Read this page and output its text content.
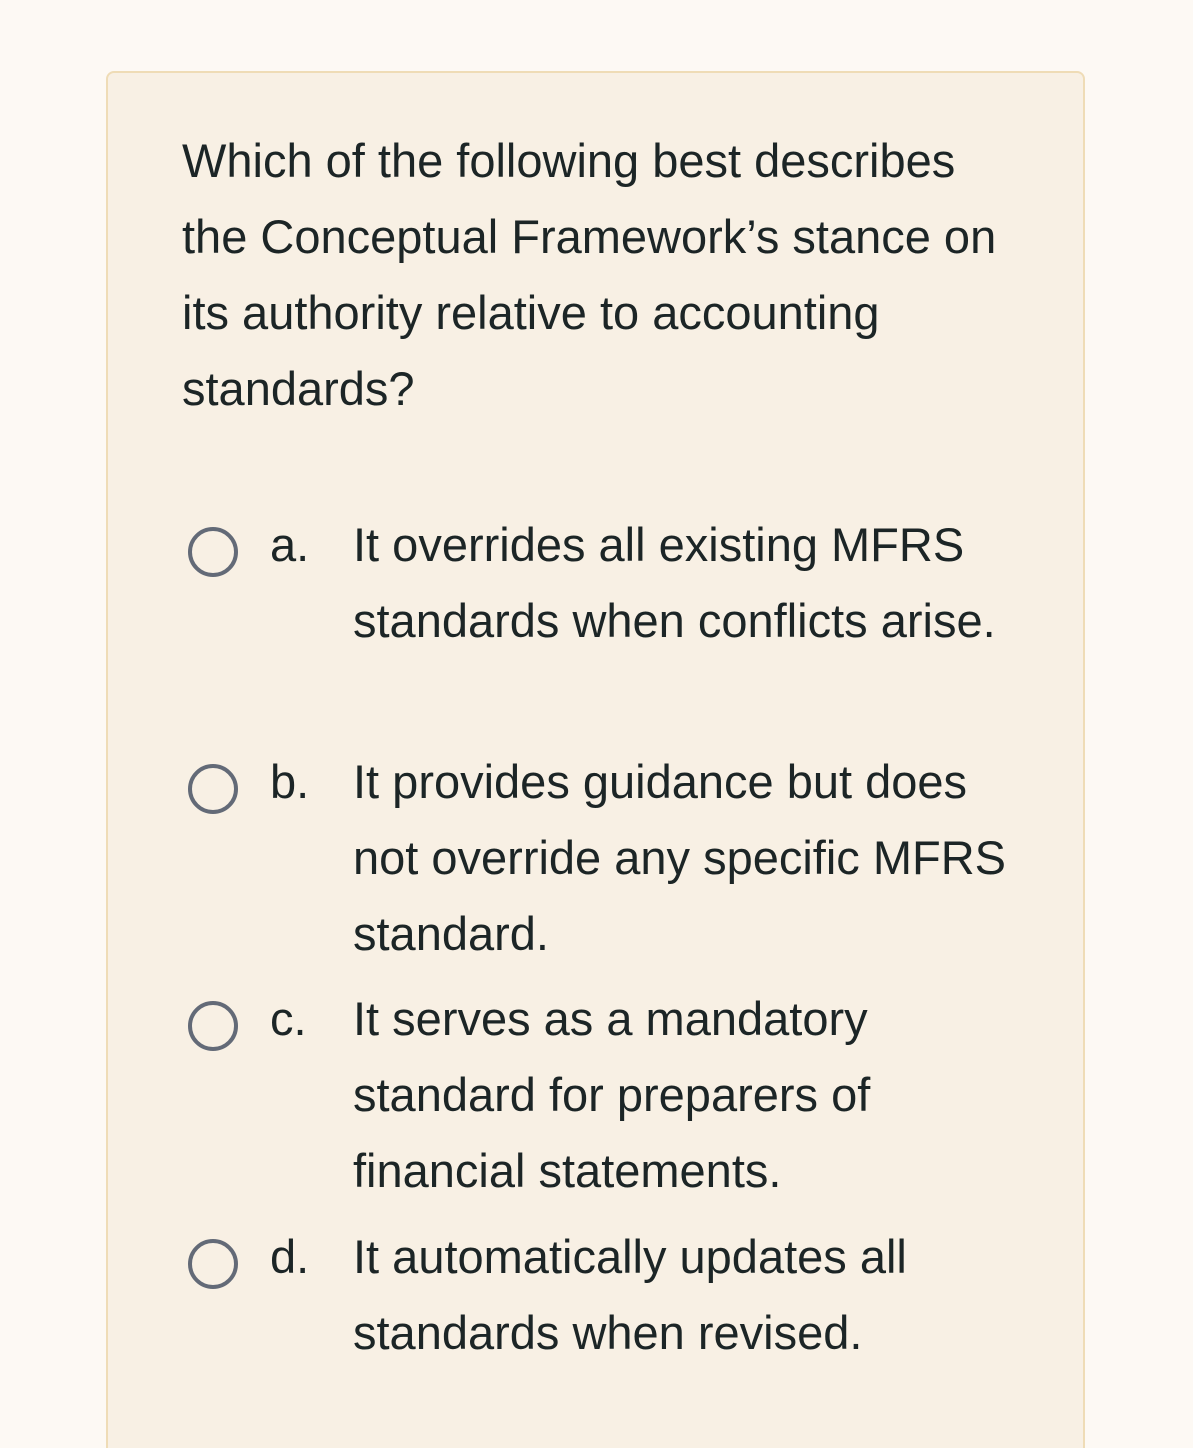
Which of the following best describes the Conceptual Framework’s stance on its authority relative to accounting standards?

a. It overrides all existing MFRS standards when conflicts arise.
b. It provides guidance but does not override any specific MFRS standard.
c. It serves as a mandatory standard for preparers of financial statements.
d. It automatically updates all standards when revised.
